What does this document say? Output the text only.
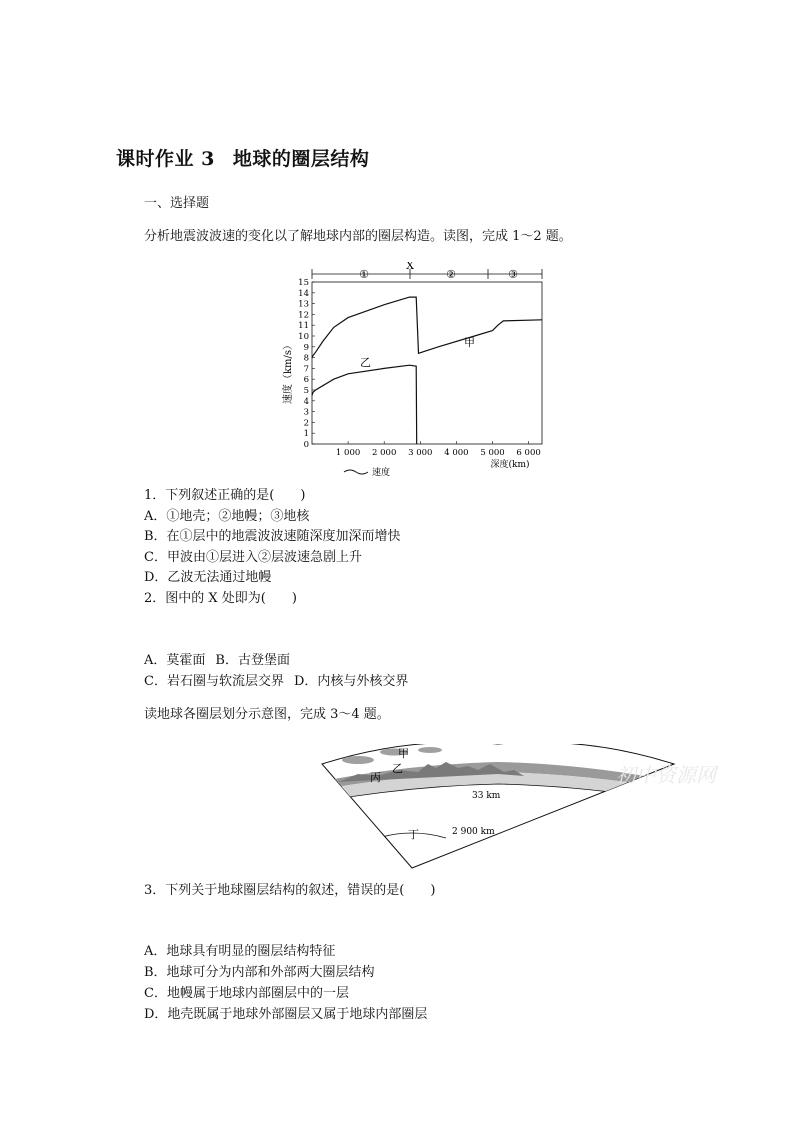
课时作业 3 地球的圈层结构
一、选择题
分析地震波波速的变化以了解地球内部的圈层构造。读图，完成 1～2 题。
①
X
②	③
0
1
2
3
4
5
6
7
8
9
10
11
12
13
14
15
1 000 2 000 3 000 4 000 5 000 6 000
速度（km/s）
深度(km)
甲
乙
速度
1．下列叙述正确的是(　　)
A．①地壳；②地幔；③地核
B．在①层中的地震波波速随深度加深而增快
C．甲波由①层进入②层波速急剧上升
D．乙波无法通过地幔
2．图中的 X 处即为(　　)
A．莫霍面 B．古登堡面
C．岩石圈与软流层交界 D．内核与外核交界
读地球各圈层划分示意图，完成 3～4 题。
甲
乙
丙
丁
33 km
2 900 km
初中资源网
3．下列关于地球圈层结构的叙述，错误的是(　　)
A．地球具有明显的圈层结构特征
B．地球可分为内部和外部两大圈层结构
C．地幔属于地球内部圈层中的一层
D．地壳既属于地球外部圈层又属于地球内部圈层
